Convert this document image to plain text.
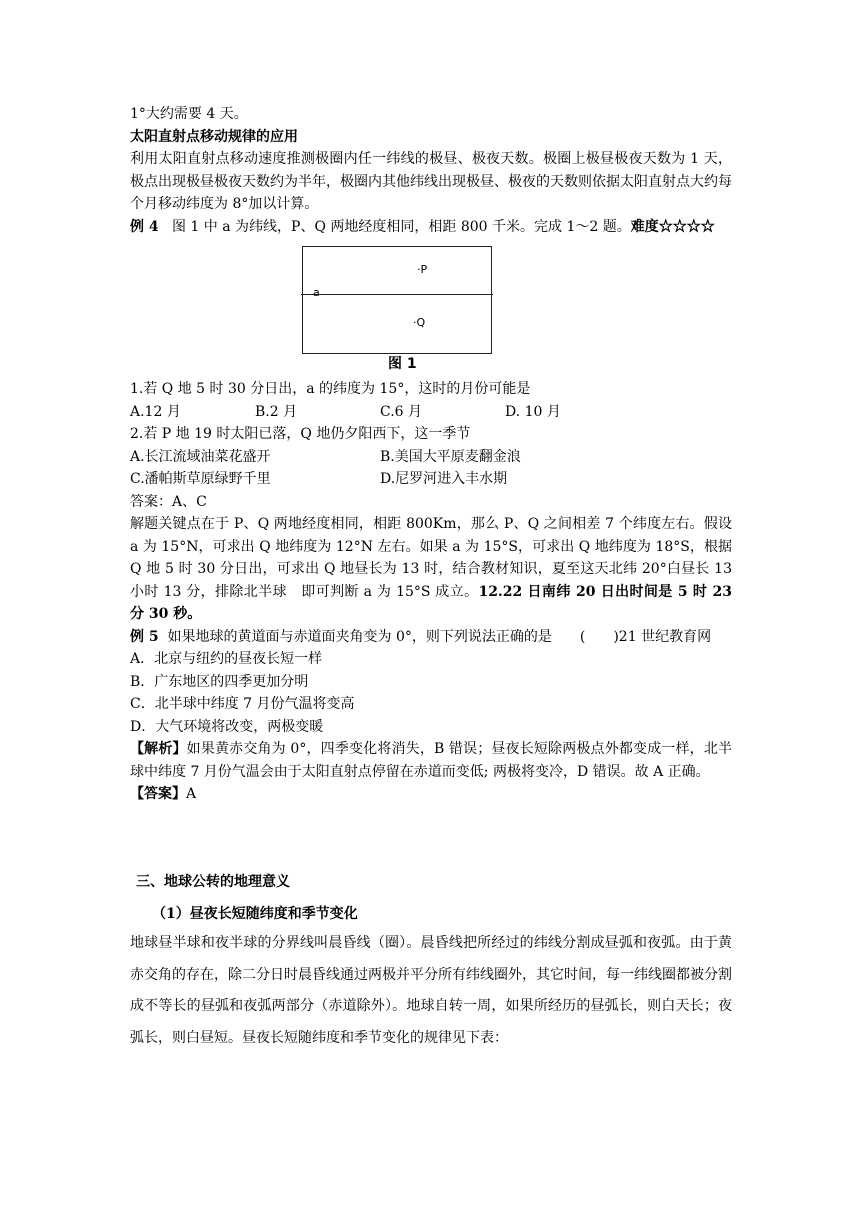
1°大约需要 4 天。

太阳直射点移动规律的应用

利用太阳直射点移动速度推测极圈内任一纬线的极昼、极夜天数。极圈上极昼极夜天数为 1 天，极点出现极昼极夜天数约为半年，极圈内其他纬线出现极昼、极夜的天数则依据太阳直射点大约每个月移动纬度为 8°加以计算。

例 4 图 1 中 a 为纬线，P、Q 两地经度相同，相距 800 千米。完成 1～2 题。难度☆☆☆☆

a
·P
·Q
图 1

1.若 Q 地 5 时 30 分日出，a 的纬度为 15°，这时的月份可能是

A.12 月	B.2 月	C.6 月	D. 10 月

2.若 P 地 19 时太阳已落，Q 地仍夕阳西下，这一季节

A.长江流域油菜花盛开	B.美国大平原麦翻金浪
C.潘帕斯草原绿野千里	D.尼罗河进入丰水期

答案：A、C

解题关键点在于 P、Q 两地经度相同，相距 800Km，那么 P、Q 之间相差 7 个纬度左右。假设 a 为 15°N，可求出 Q 地纬度为 12°N 左右。如果 a 为 15°S，可求出 Q 地纬度为 18°S，根据 Q 地 5 时 30 分日出，可求出 Q 地昼长为 13 时，结合教材知识，夏至这天北纬 20°白昼长 13 小时 13 分，排除北半球　即可判断 a 为 15°S 成立。12.22 日南纬 20 日出时间是 5 时 23 分 30 秒。

例 5 如果地球的黄道面与赤道面夹角变为 0°，则下列说法正确的是　　(　　)21 世纪教育网

A．北京与纽约的昼夜长短一样

B．广东地区的四季更加分明

C．北半球中纬度 7 月份气温将变高

D．大气环境将改变，两极变暖

【解析】如果黄赤交角为 0°，四季变化将消失，B 错误；昼夜长短除两极点外都变成一样，北半球中纬度 7 月份气温会由于太阳直射点停留在赤道而变低; 两极将变冷，D 错误。故 A 正确。

【答案】A

三、地球公转的地理意义

（1）昼夜长短随纬度和季节变化

地球昼半球和夜半球的分界线叫晨昏线（圈）。晨昏线把所经过的纬线分割成昼弧和夜弧。由于黄赤交角的存在，除二分日时晨昏线通过两极并平分所有纬线圈外，其它时间，每一纬线圈都被分割成不等长的昼弧和夜弧两部分（赤道除外）。地球自转一周，如果所经历的昼弧长，则白天长；夜弧长，则白昼短。昼夜长短随纬度和季节变化的规律见下表：
